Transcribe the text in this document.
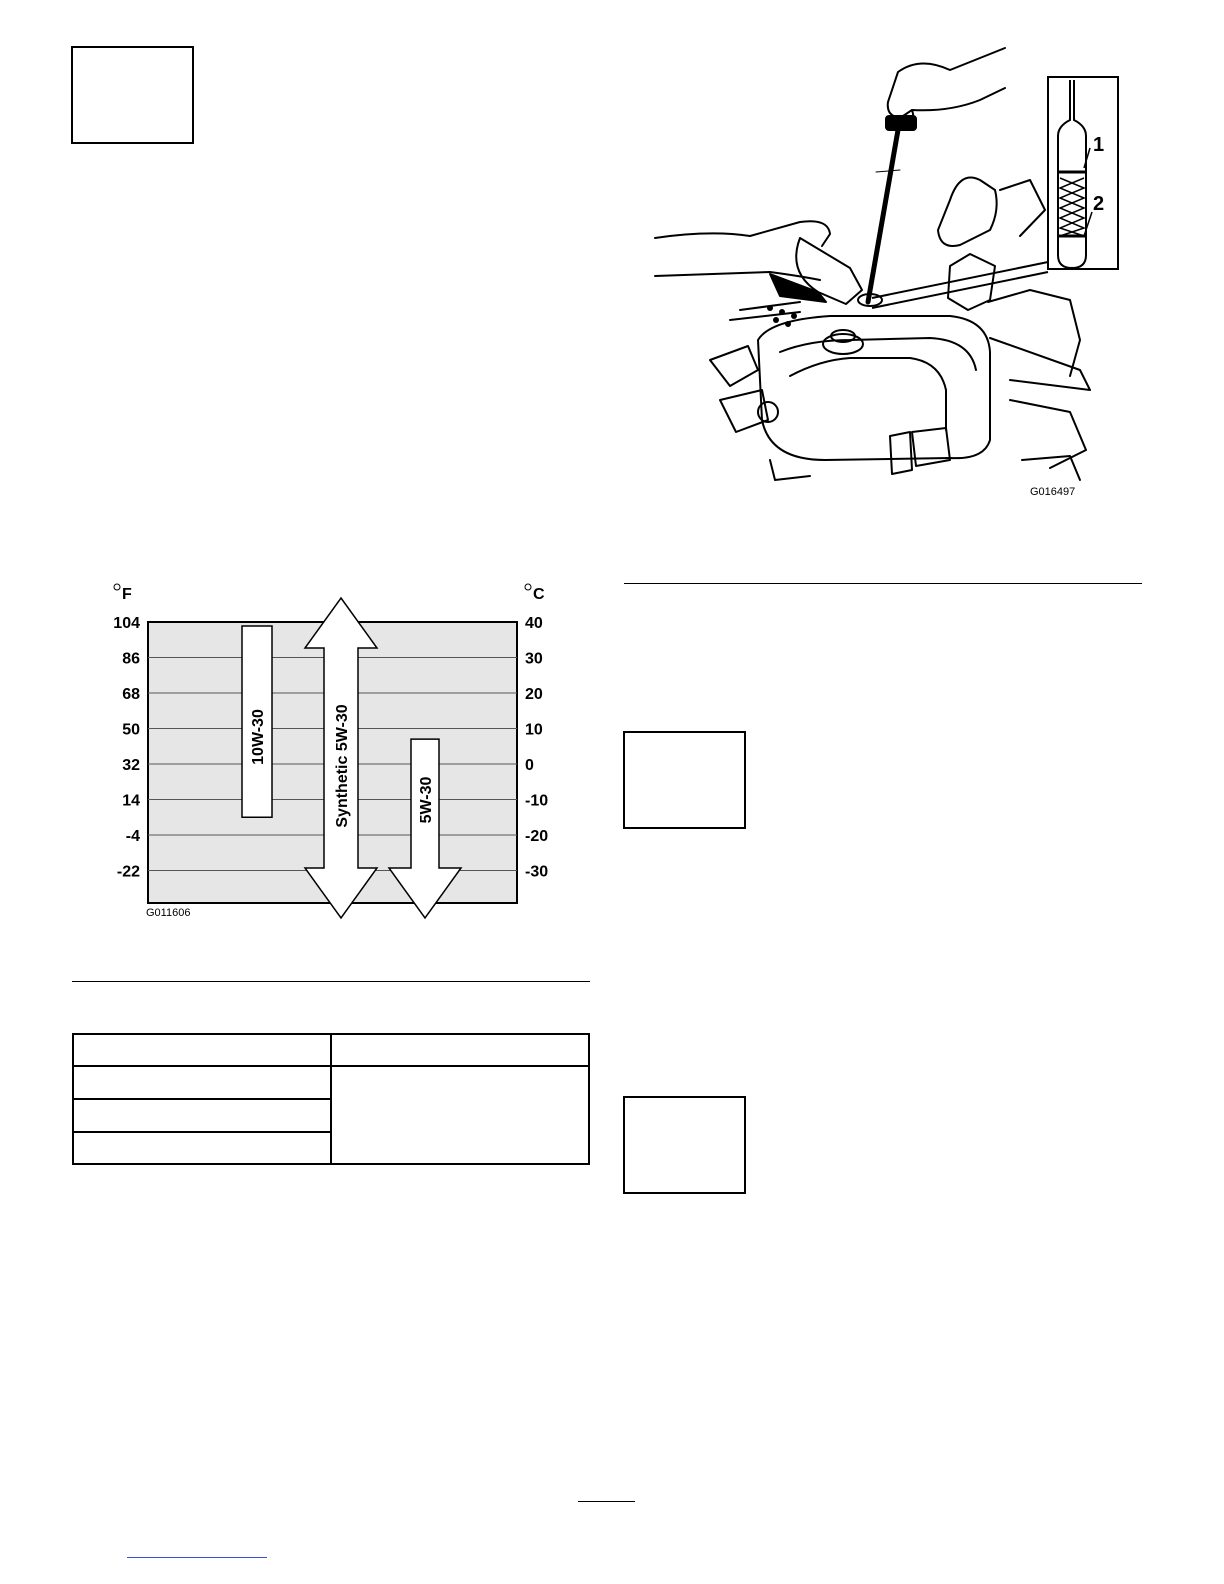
1
2
G016497
10W-30	Synthetic 5W-30	5W-30
104
86
68
50
32
14
-4
-22
40
30
20
10
0
-10
-20
-30
F	C
G011606
